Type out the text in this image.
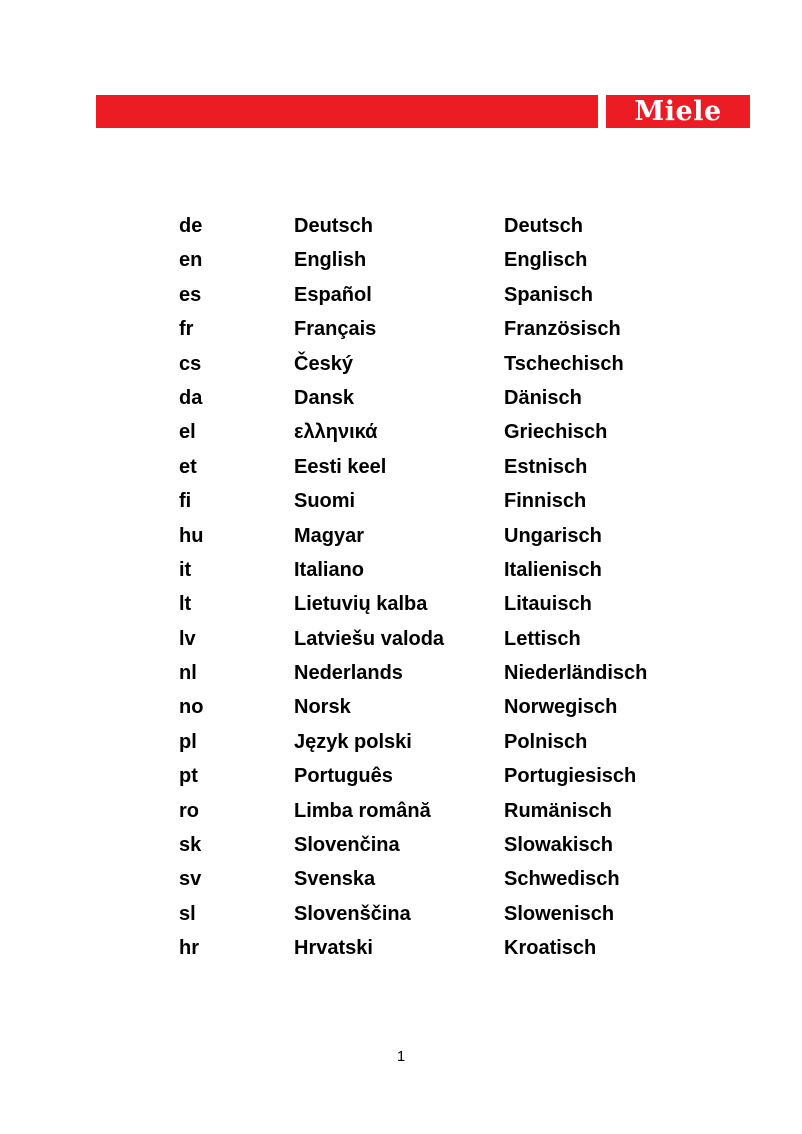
Miele
de	Deutsch	Deutsch
en	English	Englisch
es	Español	Spanisch
fr	Français	Französisch
cs	Český	Tschechisch
da	Dansk	Dänisch
el	ελληνικά	Griechisch
et	Eesti keel	Estnisch
fi	Suomi	Finnisch
hu	Magyar	Ungarisch
it	Italiano	Italienisch
lt	Lietuvių kalba	Litauisch
lv	Latviešu valoda	Lettisch
nl	Nederlands	Niederländisch
no	Norsk	Norwegisch
pl	Język polski	Polnisch
pt	Português	Portugiesisch
ro	Limba română	Rumänisch
sk	Slovenčina	Slowakisch
sv	Svenska	Schwedisch
sl	Slovenščina	Slowenisch
hr	Hrvatski	Kroatisch
1
